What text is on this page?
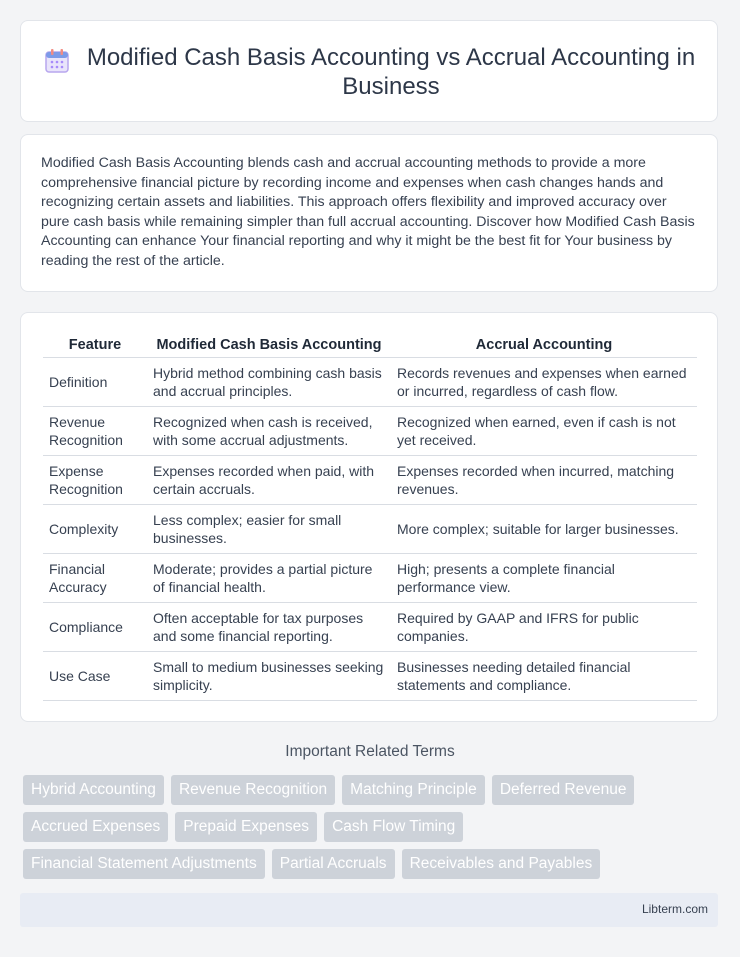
Modified Cash Basis Accounting vs Accrual Accounting in Business
Modified Cash Basis Accounting blends cash and accrual accounting methods to provide a more comprehensive financial picture by recording income and expenses when cash changes hands and recognizing certain assets and liabilities. This approach offers flexibility and improved accuracy over pure cash basis while remaining simpler than full accrual accounting. Discover how Modified Cash Basis Accounting can enhance Your financial reporting and why it might be the best fit for Your business by reading the rest of the article.
Feature	Modified Cash Basis Accounting	Accrual Accounting
Definition	Hybrid method combining cash basis and accrual principles.	Records revenues and expenses when earned or incurred, regardless of cash flow.
Revenue Recognition	Recognized when cash is received, with some accrual adjustments.	Recognized when earned, even if cash is not yet received.
Expense Recognition	Expenses recorded when paid, with certain accruals.	Expenses recorded when incurred, matching revenues.
Complexity	Less complex; easier for small businesses.	More complex; suitable for larger businesses.
Financial Accuracy	Moderate; provides a partial picture of financial health.	High; presents a complete financial performance view.
Compliance	Often acceptable for tax purposes and some financial reporting.	Required by GAAP and IFRS for public companies.
Use Case	Small to medium businesses seeking simplicity.	Businesses needing detailed financial statements and compliance.
Important Related Terms
Hybrid Accounting	Revenue Recognition	Matching Principle	Deferred Revenue
Accrued Expenses	Prepaid Expenses	Cash Flow Timing
Financial Statement Adjustments	Partial Accruals	Receivables and Payables
Libterm.com
